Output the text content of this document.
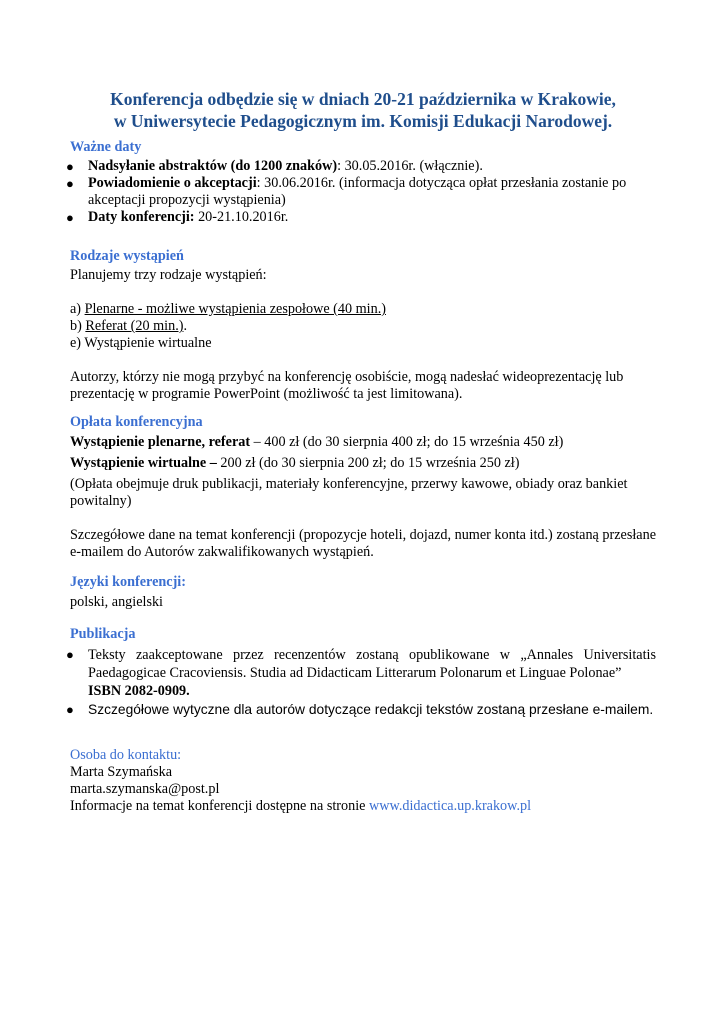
Konferencja odbędzie się w dniach 20-21 października w Krakowie,
w Uniwersytecie Pedagogicznym im. Komisji Edukacji Narodowej.
Ważne daty
● Nadsyłanie abstraktów (do 1200 znaków): 30.05.2016r. (włącznie).
● Powiadomienie o akceptacji: 30.06.2016r. (informacja dotycząca opłat przesłania zostanie po akceptacji propozycji wystąpienia)
● Daty konferencji: 20-21.10.2016r.
Rodzaje wystąpień

Planujemy trzy rodzaje wystąpień:

a) Plenarne - możliwe wystąpienia zespołowe (40 min.)

b) Referat (20 min.).

e) Wystąpienie wirtualne

Autorzy, którzy nie mogą przybyć na konferencję osobiście, mogą nadesłać wideoprezentację lub prezentację w programie PowerPoint (możliwość ta jest limitowana).

Opłata konferencyjna

Wystąpienie plenarne, referat – 400 zł (do 30 sierpnia 400 zł; do 15 września 450 zł)

Wystąpienie wirtualne – 200 zł (do 30 sierpnia 200 zł; do 15 września 250 zł)

(Opłata obejmuje druk publikacji, materiały konferencyjne, przerwy kawowe, obiady oraz bankiet powitalny)

Szczegółowe dane na temat konferencji (propozycje hoteli, dojazd, numer konta itd.) zostaną przesłane e-mailem do Autorów zakwalifikowanych wystąpień.

Języki konferencji:

polski, angielski

Publikacja
● Teksty zaakceptowane przez recenzentów zostaną opublikowane w „Annales Universitatis Paedagogicae Cracoviensis. Studia ad Didacticam Litterarum Polonarum et Linguae Polonae”
ISBN 2082-0909.
● Szczegółowe wytyczne dla autorów dotyczące redakcji tekstów zostaną przesłane e-mailem.

Osoba do kontaktu:

Marta Szymańska

marta.szymanska@post.pl

Informacje na temat konferencji dostępne na stronie www.didactica.up.krakow.pl
